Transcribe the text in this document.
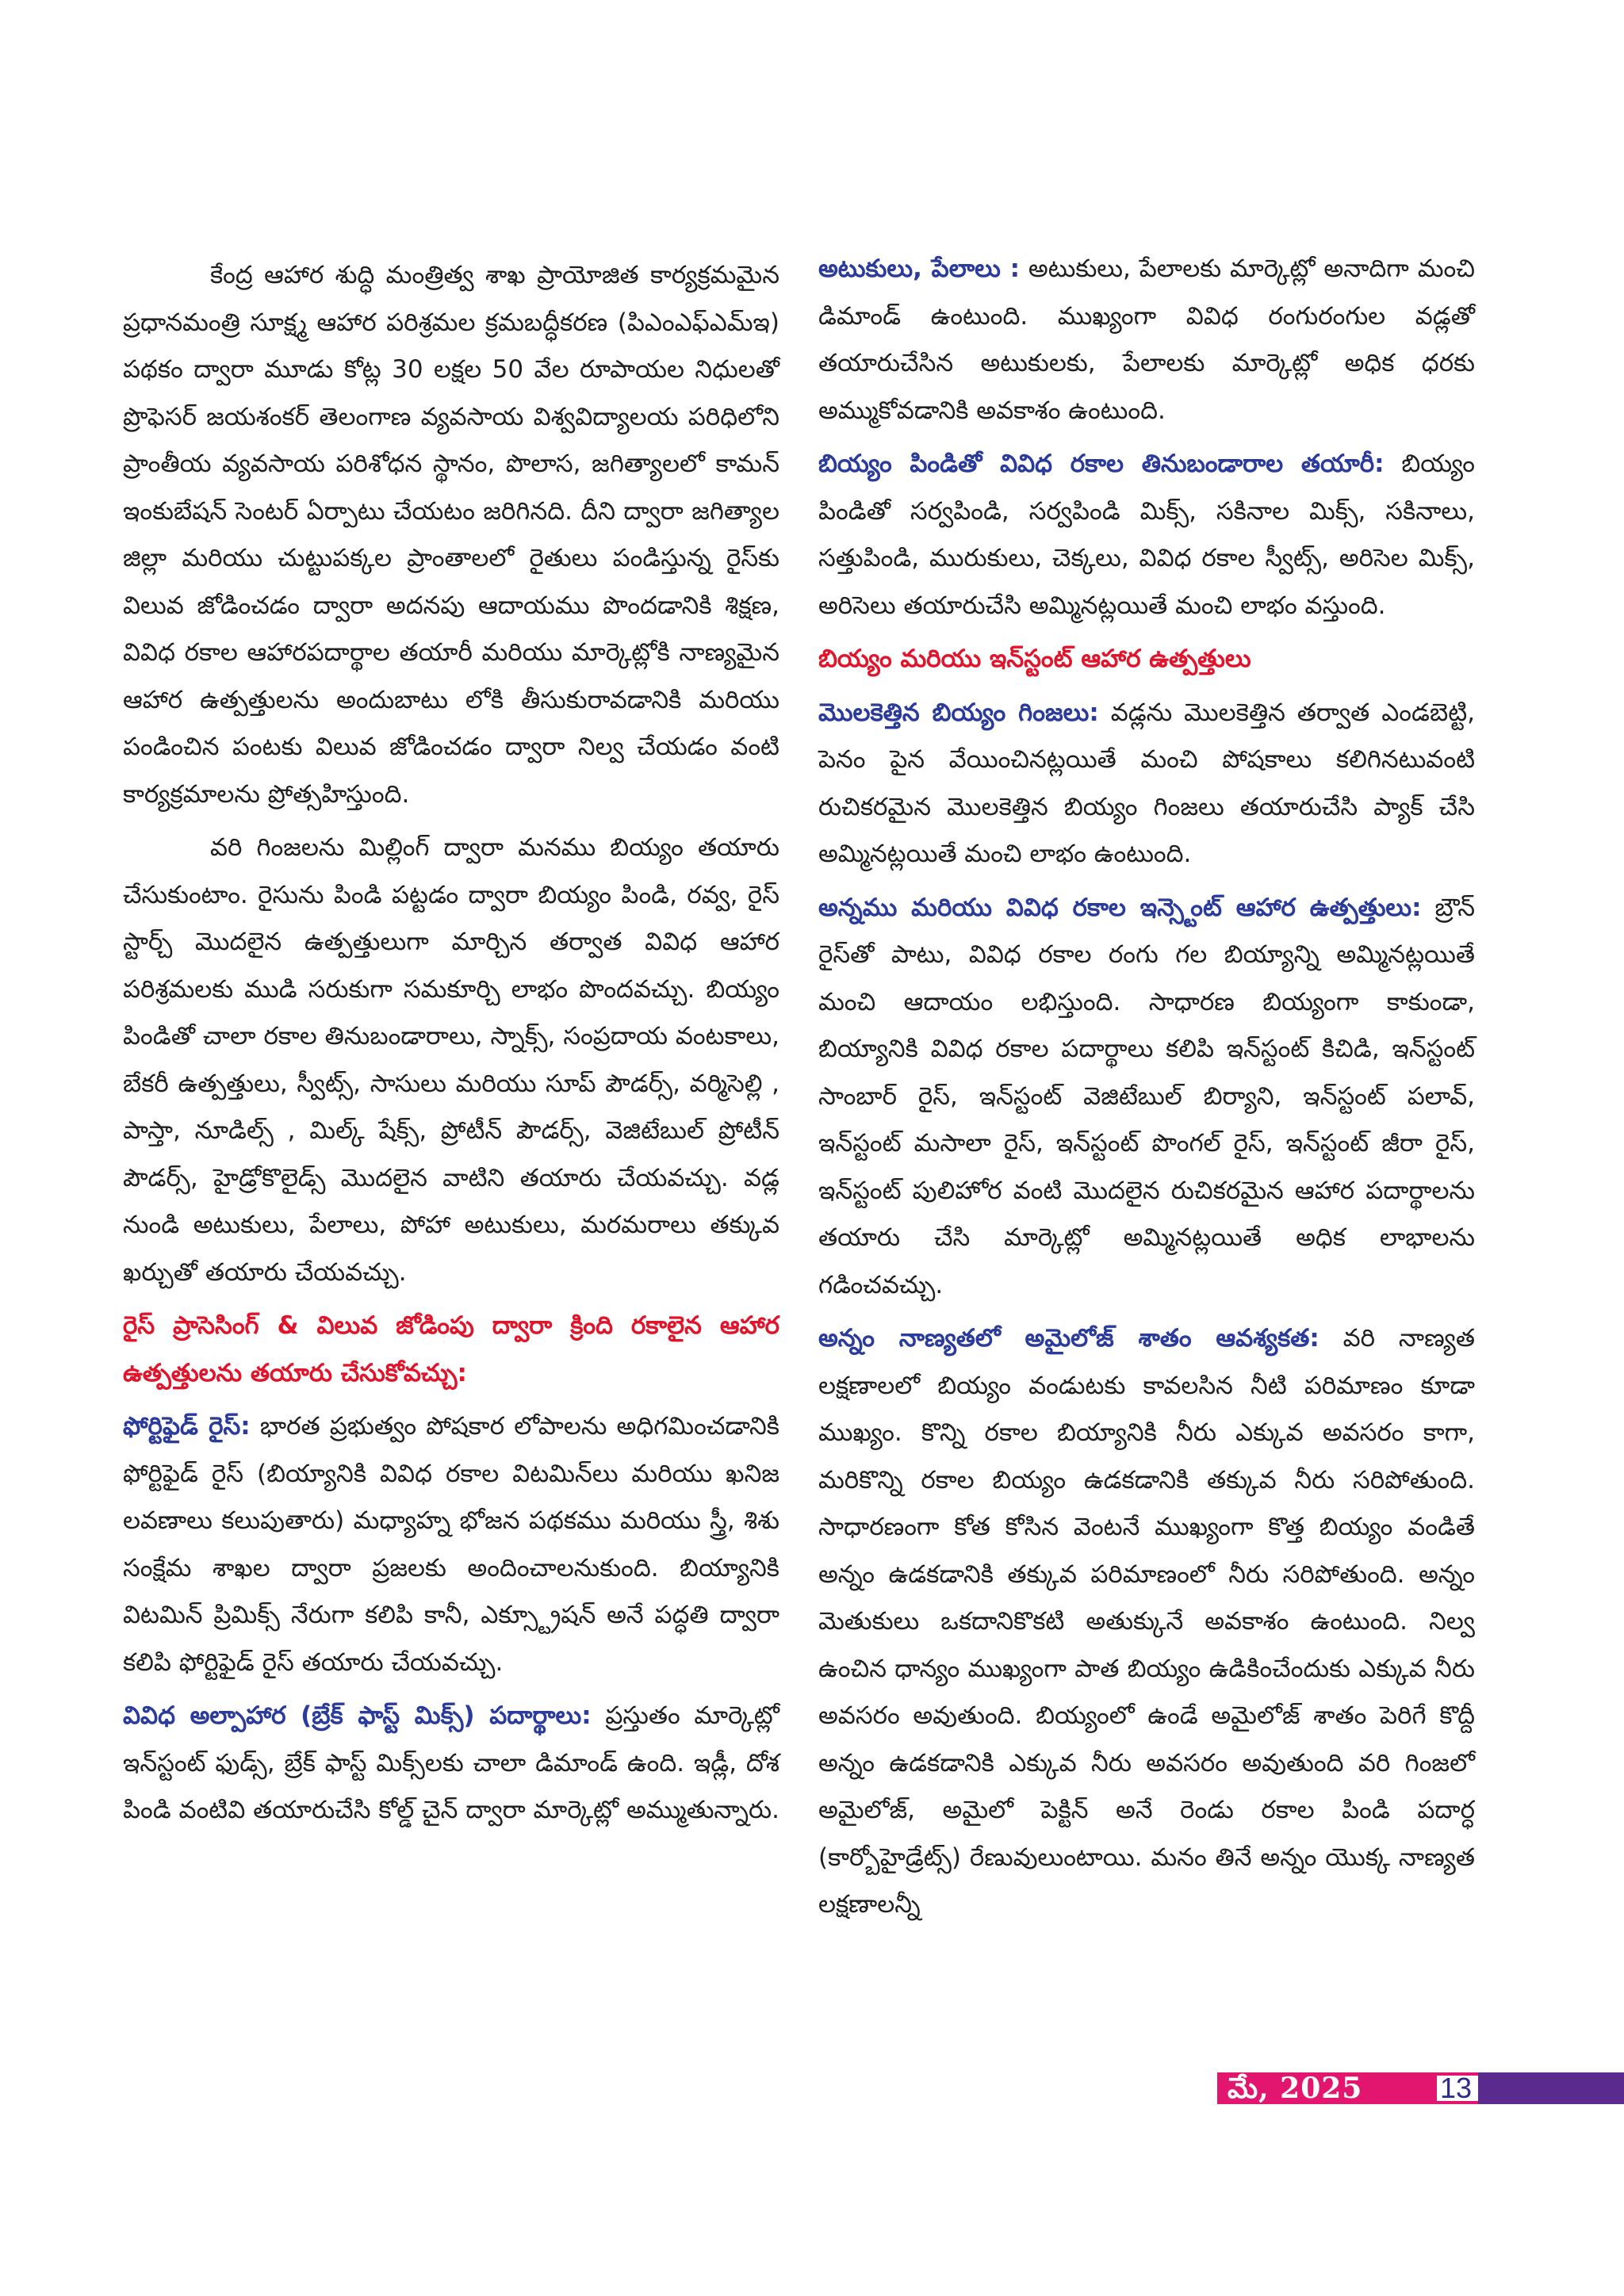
కేంద్ర ఆహార శుద్ధి మంత్రిత్వ శాఖ ప్రాయోజిత కార్యక్రమమైన ప్రధానమంత్రి సూక్ష్మ ఆహార పరిశ్రమల క్రమబద్ధీకరణ (పిఎంఎఫ్ఎమ్ఇ) పథకం ద్వారా మూడు కోట్ల 30 లక్షల 50 వేల రూపాయల నిధులతో ప్రొఫెసర్ జయశంకర్ తెలంగాణ వ్యవసాయ విశ్వవిద్యాలయ పరిధిలోని ప్రాంతీయ వ్యవసాయ పరిశోధన స్థానం, పొలాస, జగిత్యాలలో కామన్ ఇంకుబేషన్ సెంటర్ ఏర్పాటు చేయటం జరిగినది. దీని ద్వారా జగిత్యాల జిల్లా మరియు చుట్టుపక్కల ప్రాంతాలలో రైతులు పండిస్తున్న రైస్‌కు విలువ జోడించడం ద్వారా అదనపు ఆదాయము పొందడానికి శిక్షణ, వివిధ రకాల ఆహారపదార్థాల తయారీ మరియు మార్కెట్లోకి నాణ్యమైన ఆహార ఉత్పత్తులను అందుబాటు లోకి తీసుకురావడానికి మరియు పండించిన పంటకు విలువ జోడించడం ద్వారా నిల్వ చేయడం వంటి కార్యక్రమాలను ప్రోత్సహిస్తుంది.

వరి గింజలను మిల్లింగ్ ద్వారా మనము బియ్యం తయారు చేసుకుంటాం. రైసును పిండి పట్టడం ద్వారా బియ్యం పిండి, రవ్వ, రైస్ స్టార్చ్ మొదలైన ఉత్పత్తులుగా మార్చిన తర్వాత వివిధ ఆహార పరిశ్రమలకు ముడి సరుకుగా సమకూర్చి లాభం పొందవచ్చు. బియ్యం పిండితో చాలా రకాల తినుబండారాలు, స్నాక్స్, సంప్రదాయ వంటకాలు, బేకరీ ఉత్పత్తులు, స్వీట్స్, సాసులు మరియు సూప్ పౌడర్స్, వర్మిసెల్లి , పాస్తా, నూడిల్స్ , మిల్క్ షేక్స్, ప్రోటీన్ పౌడర్స్, వెజిటేబుల్ ప్రోటీన్ పౌడర్స్, హైడ్రోకొలైడ్స్ మొదలైన వాటిని తయారు చేయవచ్చు. వడ్ల నుండి అటుకులు, పేలాలు, పోహా అటుకులు, మరమరాలు తక్కువ ఖర్చుతో తయారు చేయవచ్చు.

రైస్ ప్రాసెసింగ్ & విలువ జోడింపు ద్వారా క్రింది రకాలైన ఆహార ఉత్పత్తులను తయారు చేసుకోవచ్చు:

ఫోర్టిఫైడ్ రైస్: భారత ప్రభుత్వం పోషకార లోపాలను అధిగమించడానికి ఫోర్టిఫైడ్ రైస్ (బియ్యానికి వివిధ రకాల విటమిన్‌లు మరియు ఖనిజ లవణాలు కలుపుతారు) మధ్యాహ్న భోజన పథకము మరియు స్త్రీ, శిశు సంక్షేమ శాఖల ద్వారా ప్రజలకు అందించాలనుకుంది. బియ్యానికి విటమిన్ ప్రిమిక్స్ నేరుగా కలిపి కానీ, ఎక్స్ట్రూషన్ అనే పద్ధతి ద్వారా కలిపి ఫోర్టిఫైడ్ రైస్ తయారు చేయవచ్చు.

వివిధ అల్పాహార (బ్రేక్ ఫాస్ట్ మిక్స్) పదార్థాలు: ప్రస్తుతం మార్కెట్లో ఇన్‌స్టంట్ ఫుడ్స్, బ్రేక్ ఫాస్ట్ మిక్స్‌లకు చాలా డిమాండ్ ఉంది. ఇడ్లీ, దోశ పిండి వంటివి తయారుచేసి కోల్డ్ చైన్ ద్వారా మార్కెట్లో అమ్ముతున్నారు.

అటుకులు, పేలాలు : అటుకులు, పేలాలకు మార్కెట్లో అనాదిగా మంచి డిమాండ్ ఉంటుంది. ముఖ్యంగా వివిధ రంగురంగుల వడ్లతో తయారుచేసిన అటుకులకు, పేలాలకు మార్కెట్లో అధిక ధరకు అమ్ముకోవడానికి అవకాశం ఉంటుంది.

బియ్యం పిండితో వివిధ రకాల తినుబండారాల తయారీ: బియ్యం పిండితో సర్వపిండి, సర్వపిండి మిక్స్, సకినాల మిక్స్, సకినాలు, సత్తుపిండి, మురుకులు, చెక్కలు, వివిధ రకాల స్వీట్స్, అరిసెల మిక్స్, అరిసెలు తయారుచేసి అమ్మినట్లయితే మంచి లాభం వస్తుంది.

బియ్యం మరియు ఇన్‌స్టంట్ ఆహార ఉత్పత్తులు

మొలకెత్తిన బియ్యం గింజలు: వడ్లను మొలకెత్తిన తర్వాత ఎండబెట్టి, పెనం పైన వేయించినట్లయితే మంచి పోషకాలు కలిగినటువంటి రుచికరమైన మొలకెత్తిన బియ్యం గింజలు తయారుచేసి ప్యాక్ చేసి అమ్మినట్లయితే మంచి లాభం ఉంటుంది.

అన్నము మరియు వివిధ రకాల ఇన్స్టెంట్ ఆహార ఉత్పత్తులు: బ్రౌన్ రైస్‌తో పాటు, వివిధ రకాల రంగు గల బియ్యాన్ని అమ్మినట్లయితే మంచి ఆదాయం లభిస్తుంది. సాధారణ బియ్యంగా కాకుండా, బియ్యానికి వివిధ రకాల పదార్థాలు కలిపి ఇన్‌స్టంట్ కిచిడి, ఇన్‌స్టంట్ సాంబార్ రైస్, ఇన్‌స్టంట్ వెజిటేబుల్ బిర్యాని, ఇన్‌స్టంట్ పలావ్, ఇన్‌స్టంట్ మసాలా రైస్, ఇన్‌స్టంట్ పొంగల్ రైస్, ఇన్‌స్టంట్ జీరా రైస్, ఇన్‌స్టంట్ పులిహోర వంటి మొదలైన రుచికరమైన ఆహార పదార్థాలను తయారు చేసి మార్కెట్లో అమ్మినట్లయితే అధిక లాభాలను గడించవచ్చు.

అన్నం నాణ్యతలో అమైలోజ్ శాతం ఆవశ్యకత: వరి నాణ్యత లక్షణాలలో బియ్యం వండుటకు కావలసిన నీటి పరిమాణం కూడా ముఖ్యం. కొన్ని రకాల బియ్యానికి నీరు ఎక్కువ అవసరం కాగా, మరికొన్ని రకాల బియ్యం ఉడకడానికి తక్కువ నీరు సరిపోతుంది. సాధారణంగా కోత కోసిన వెంటనే ముఖ్యంగా కొత్త బియ్యం వండితే అన్నం ఉడకడానికి తక్కువ పరిమాణంలో నీరు సరిపోతుంది. అన్నం మెతుకులు ఒకదానికొకటి అతుక్కునే అవకాశం ఉంటుంది. నిల్వ ఉంచిన ధాన్యం ముఖ్యంగా పాత బియ్యం ఉడికించేందుకు ఎక్కువ నీరు అవసరం అవుతుంది. బియ్యంలో ఉండే అమైలోజ్ శాతం పెరిగే కొద్దీ అన్నం ఉడకడానికి ఎక్కువ నీరు అవసరం అవుతుంది వరి గింజలో అమైలోజ్, అమైలో పెక్టిన్ అనే రెండు రకాల పిండి పదార్ధ (కార్బోహైడ్రేట్స్) రేణువులుంటాయి. మనం తినే అన్నం యొక్క నాణ్యత లక్షణాలన్నీ

మే, 2025	13
